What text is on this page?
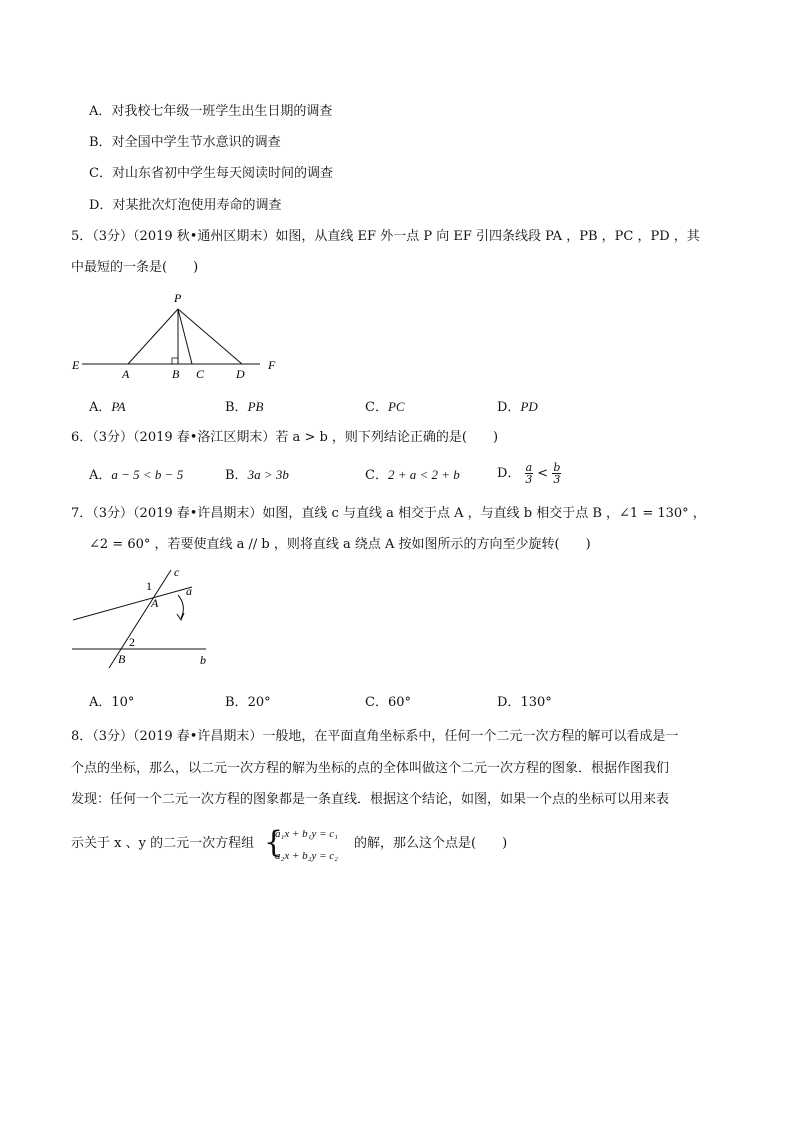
A．对我校七年级一班学生出生日期的调查
B．对全国中学生节水意识的调查
C．对山东省初中学生每天阅读时间的调查
D．对某批次灯泡使用寿命的调查
5．（3分）（2019 秋•通州区期末）如图，从直线 EF 外一点 P 向 EF 引四条线段 PA ，PB ，PC ，PD ，其
中最短的一条是(　　)
P
E	F
A	B C	D
A．PA	B．PB	C．PC	D．PD
6．（3分）（2019 春•洛江区期末）若 a > b ，则下列结论正确的是(　　)
A．a − 5 < b − 5	B．3a > 3b	C．2 + a < 2 + b	D． $\frac{a}{3} < \frac{b}{3}$
7．（3分）（2019 春•许昌期末）如图，直线 c 与直线 a 相交于点 A ，与直线 b 相交于点 B ，∠1 = 130° ，
∠2 = 60° ，若要使直线 a // b ，则将直线 a 绕点 A 按如图所示的方向至少旋转(　　)
c
a
b
A
B
1
2
A．10°	B．20°	C．60°	D．130°
8．（3分）（2019 春•许昌期末）一般地，在平面直角坐标系中，任何一个二元一次方程的解可以看成是一
个点的坐标，那么，以二元一次方程的解为坐标的点的全体叫做这个二元一次方程的图象．根据作图我们
发现：任何一个二元一次方程的图象都是一条直线．根据这个结论，如图，如果一个点的坐标可以用来表
示关于 x 、y 的二元一次方程组 {
a₁x + b₁y = c₁
a₂x + b₂y = c₂
的解，那么这个点是(　　)
